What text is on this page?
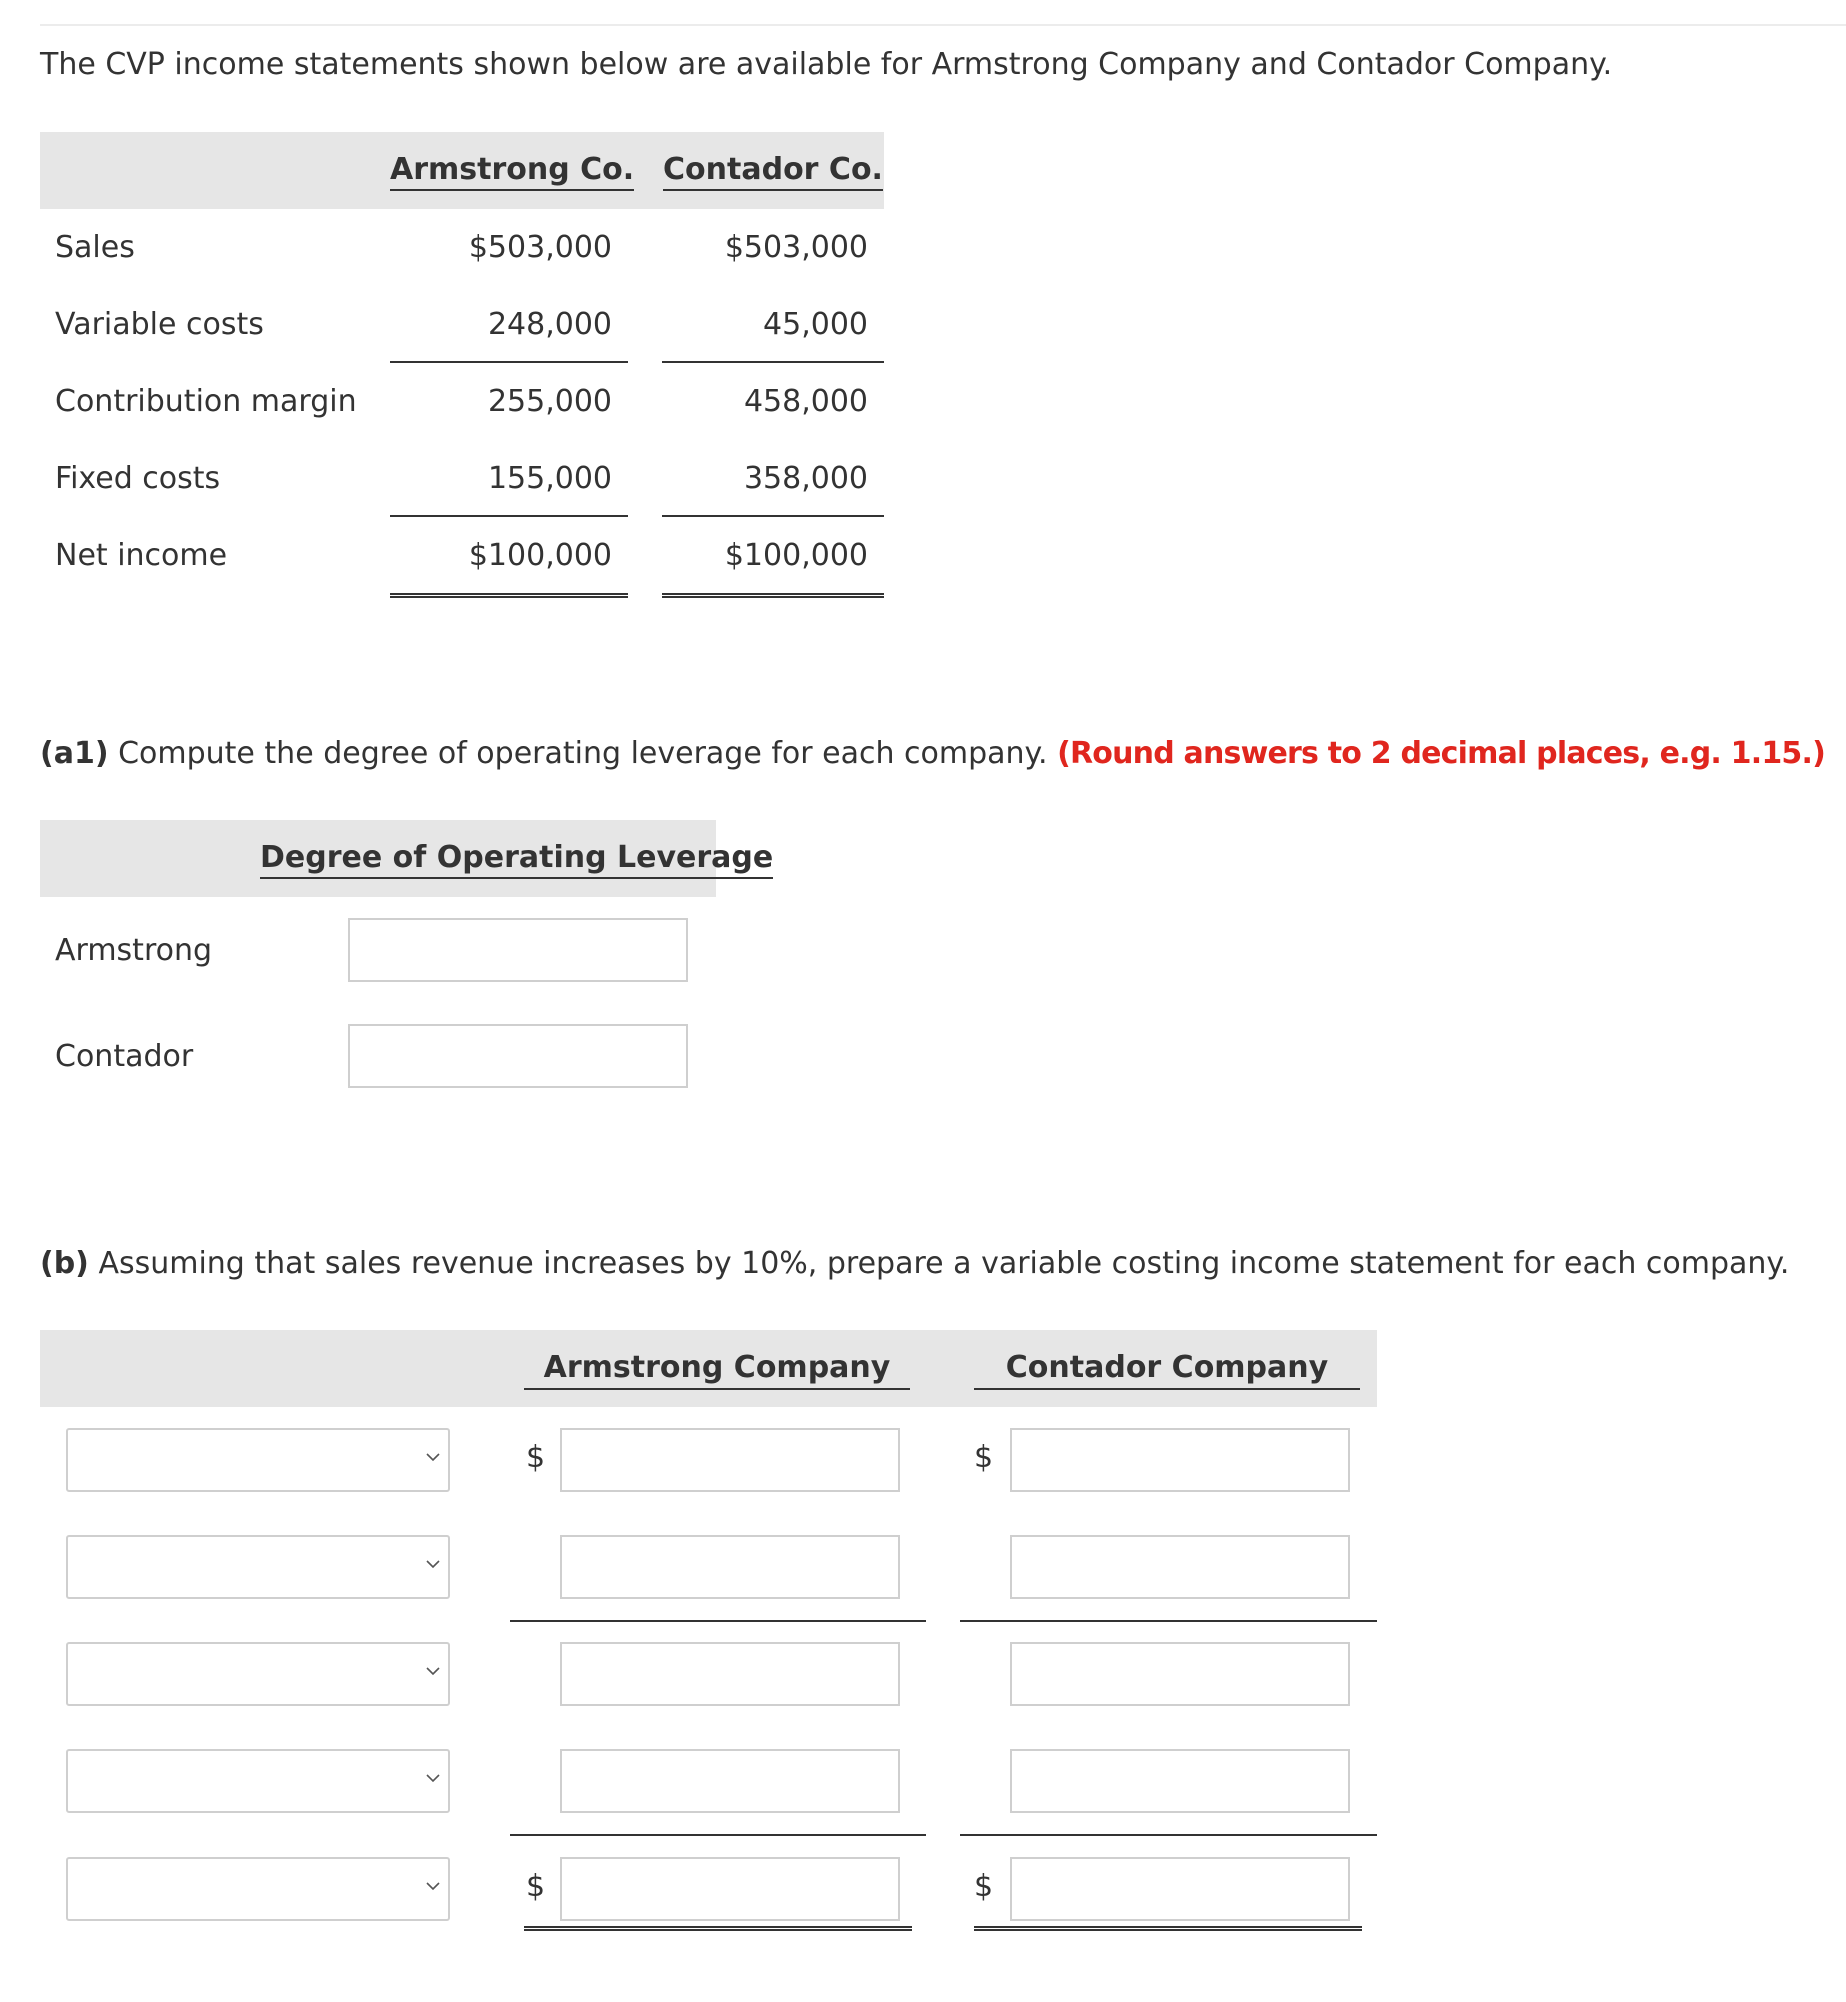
The CVP income statements shown below are available for Armstrong Company and Contador Company.
Armstrong Co. Contador Co.
Sales	$503,000	$503,000
Variable costs	248,000	45,000
Contribution margin	255,000	458,000
Fixed costs	155,000	358,000
Net income	$100,000	$100,000
(a1) Compute the degree of operating leverage for each company. (Round answers to 2 decimal places, e.g. 1.15.)
Degree of Operating Leverage
Armstrong
Contador
(b) Assuming that sales revenue increases by 10%, prepare a variable costing income statement for each company.
Armstrong Company	Contador Company
$	$
$	$
